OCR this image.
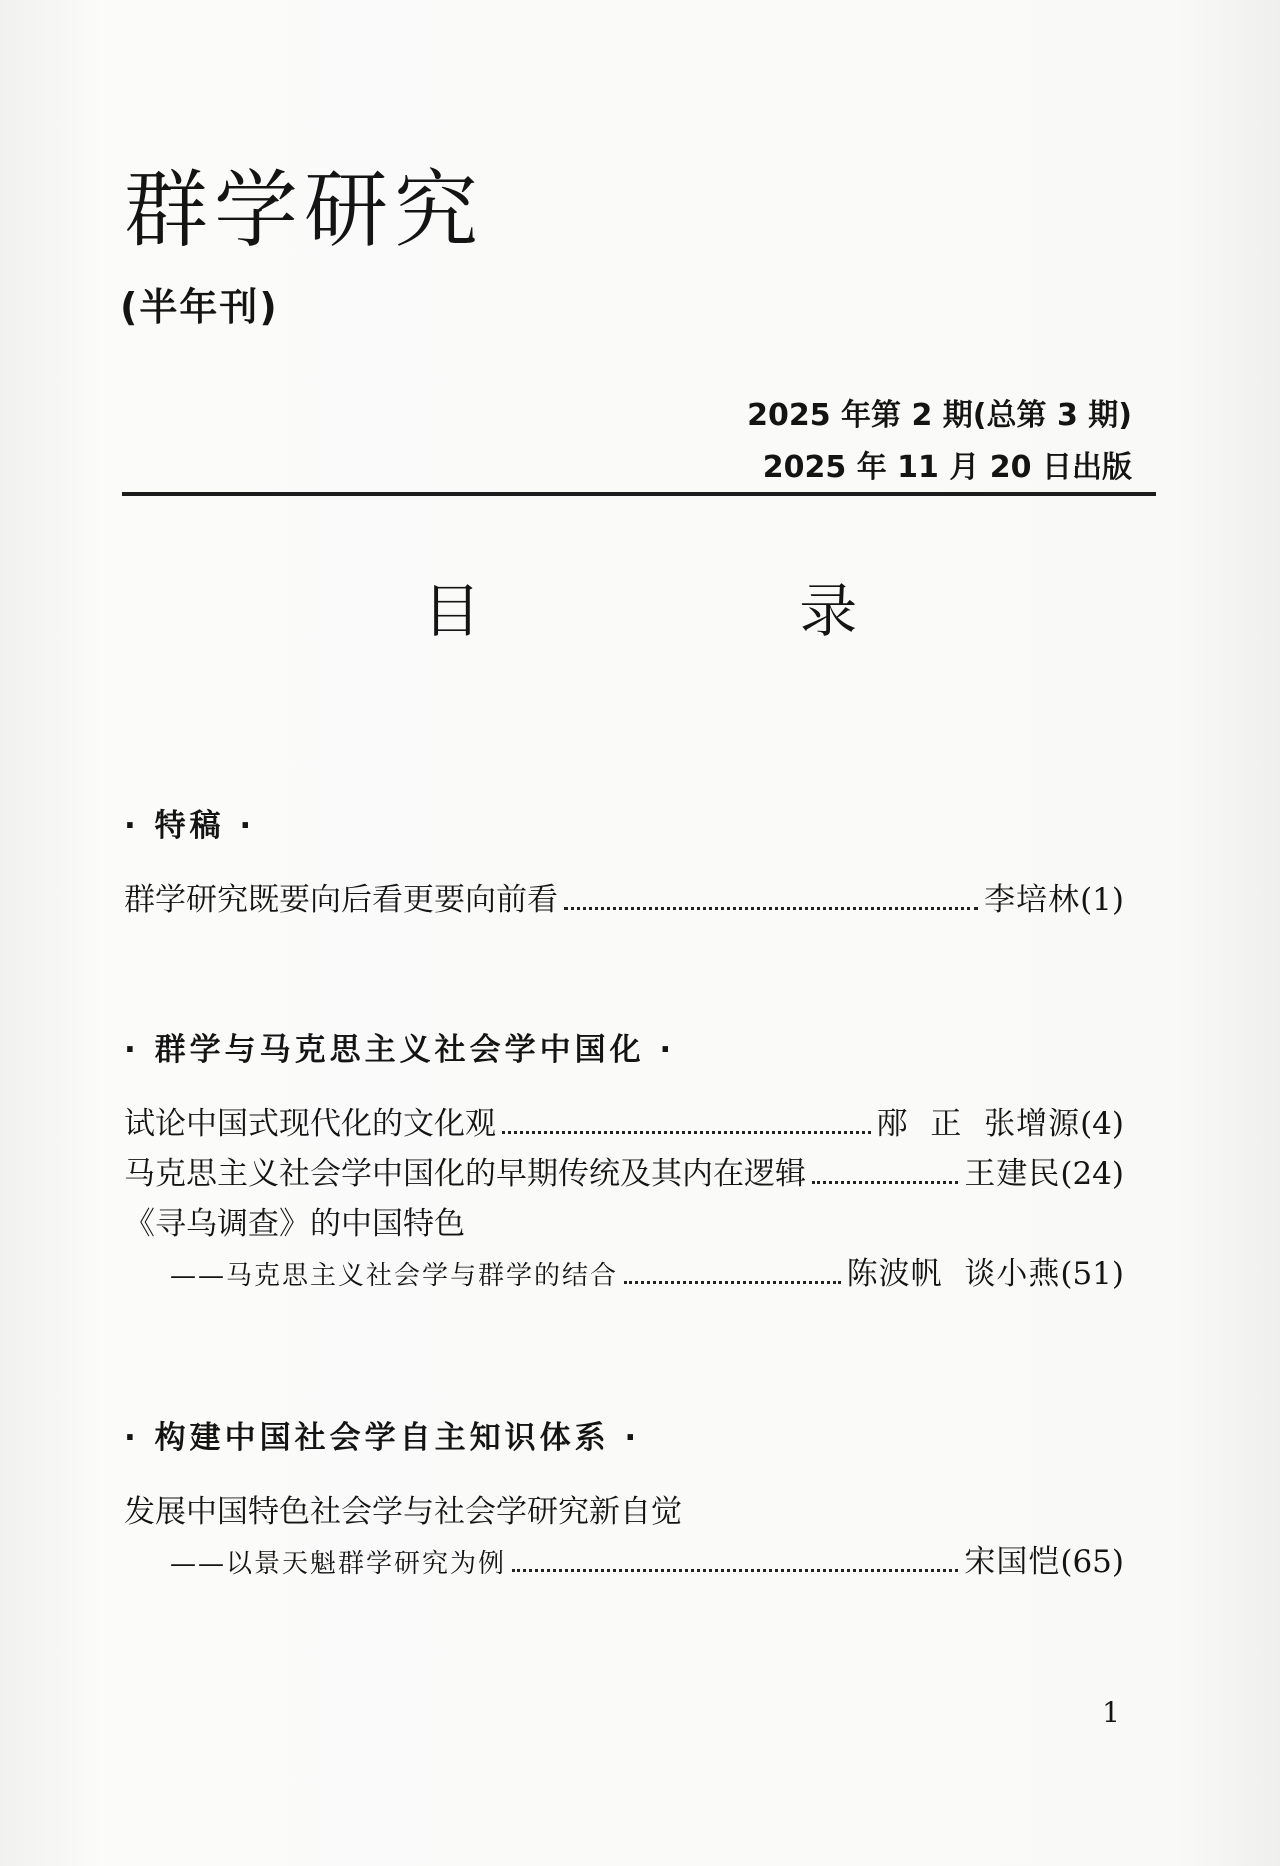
群学研究
(半年刊)
2025 年第 2 期(总第 3 期)
2025 年 11 月 20 日出版
目 录
· 特稿 ·
群学研究既要向后看更要向前看	李培林 (1)
· 群学与马克思主义社会学中国化 ·
试论中国式现代化的文化观	邴  正  张增源 (4)
马克思主义社会学中国化的早期传统及其内在逻辑	王建民 (24)
《寻乌调查》的中国特色
——马克思主义社会学与群学的结合	陈波帆  谈小燕 (51)
· 构建中国社会学自主知识体系 ·
发展中国特色社会学与社会学研究新自觉
——以景天魁群学研究为例	宋国恺 (65)
1
